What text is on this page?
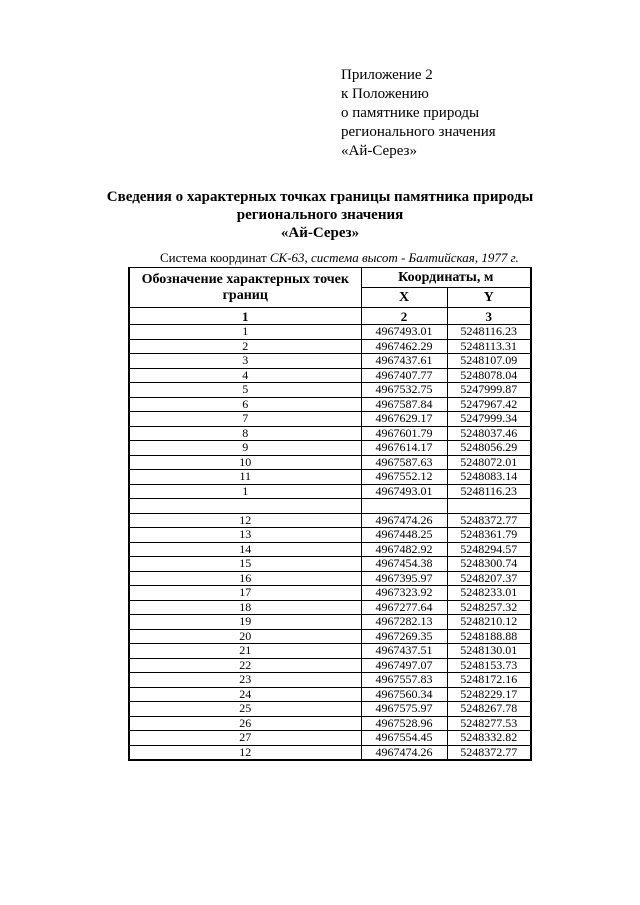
Приложение 2
к Положению
о памятнике природы
регионального значения
«Ай-Серез»
Сведения о характерных точках границы памятника природы
регионального значения
«Ай-Серез»
Система координат СК-63, система высот - Балтийская, 1977 г.
Обозначение характерных точек границ	Координаты, м	
	X	Y
1	2	3
1	4967493.01	5248116.23
2	4967462.29	5248113.31
3	4967437.61	5248107.09
4	4967407.77	5248078.04
5	4967532.75	5247999.87
6	4967587.84	5247967.42
7	4967629.17	5247999.34
8	4967601.79	5248037.46
9	4967614.17	5248056.29
10	4967587.63	5248072.01
11	4967552.12	5248083.14
1	4967493.01	5248116.23

12	4967474.26	5248372.77
13	4967448.25	5248361.79
14	4967482.92	5248294.57
15	4967454.38	5248300.74
16	4967395.97	5248207.37
17	4967323.92	5248233.01
18	4967277.64	5248257.32
19	4967282.13	5248210.12
20	4967269.35	5248188.88
21	4967437.51	5248130.01
22	4967497.07	5248153.73
23	4967557.83	5248172.16
24	4967560.34	5248229.17
25	4967575.97	5248267.78
26	4967528.96	5248277.53
27	4967554.45	5248332.82
12	4967474.26	5248372.77
